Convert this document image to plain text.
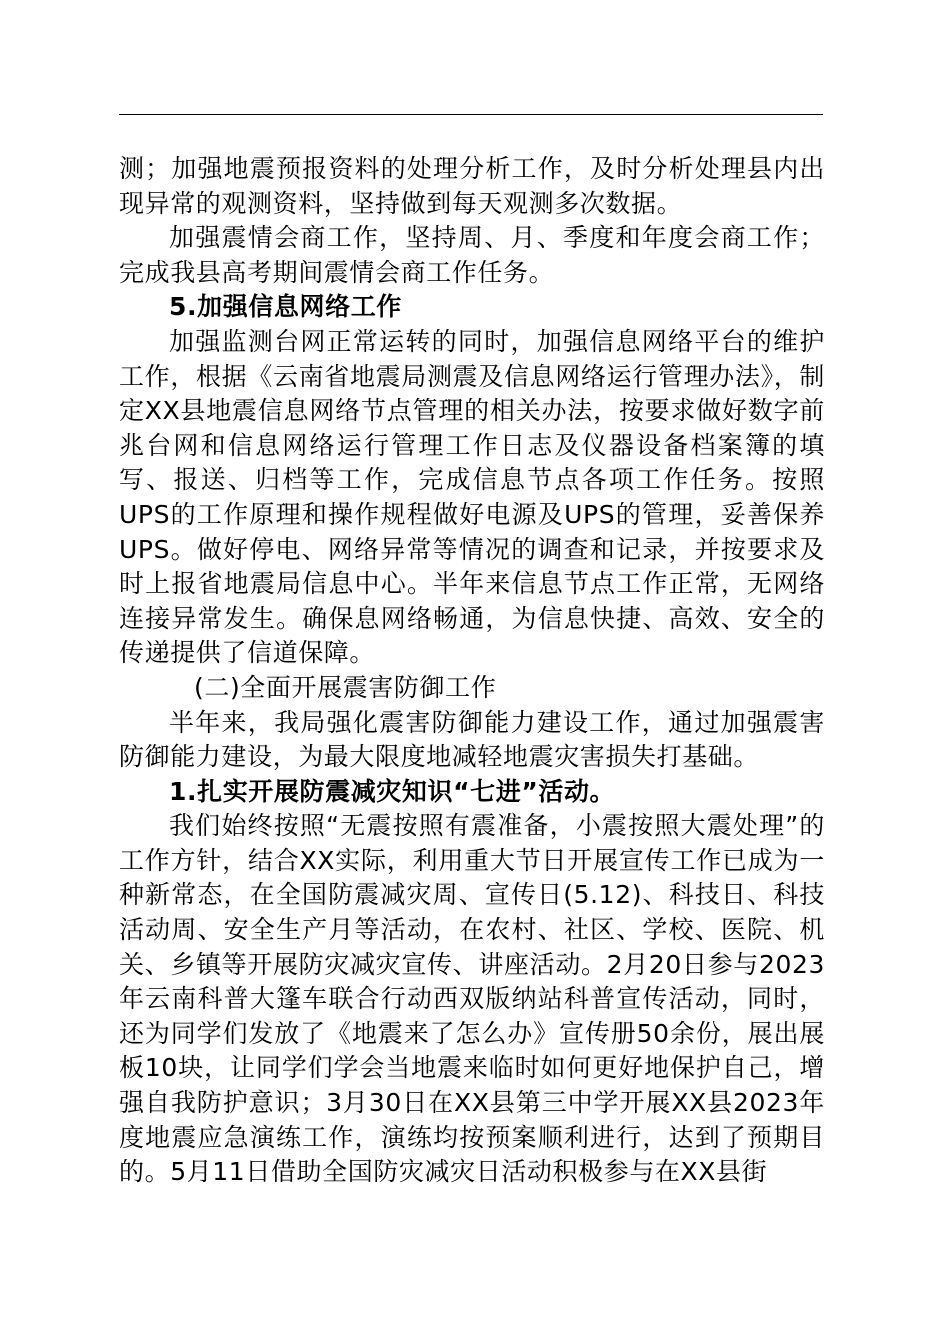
测；加强地震预报资料的处理分析工作，及时分析处理县内出现异常的观测资料，坚持做到每天观测多次数据。

加强震情会商工作，坚持周、月、季度和年度会商工作；完成我县高考期间震情会商工作任务。

5.加强信息网络工作

加强监测台网正常运转的同时，加强信息网络平台的维护工作，根据《云南省地震局测震及信息网络运行管理办法》，制定XX县地震信息网络节点管理的相关办法，按要求做好数字前兆台网和信息网络运行管理工作日志及仪器设备档案簿的填写、报送、归档等工作，完成信息节点各项工作任务。按照UPS的工作原理和操作规程做好电源及UPS的管理，妥善保养UPS。做好停电、网络异常等情况的调查和记录，并按要求及时上报省地震局信息中心。半年来信息节点工作正常，无网络连接异常发生。确保息网络畅通，为信息快捷、高效、安全的传递提供了信道保障。

(二)全面开展震害防御工作

半年来，我局强化震害防御能力建设工作，通过加强震害防御能力建设，为最大限度地减轻地震灾害损失打基础。

1.扎实开展防震减灾知识“七进”活动。

我们始终按照“无震按照有震准备，小震按照大震处理”的工作方针，结合XX实际，利用重大节日开展宣传工作已成为一种新常态，在全国防震减灾周、宣传日(5.12)、科技日、科技活动周、安全生产月等活动，在农村、社区、学校、医院、机关、乡镇等开展防灾减灾宣传、讲座活动。2月20日参与2023年云南科普大篷车联合行动西双版纳站科普宣传活动，同时，还为同学们发放了《地震来了怎么办》宣传册50余份，展出展板10块，让同学们学会当地震来临时如何更好地保护自己，增强自我防护意识；3月30日在XX县第三中学开展XX县2023年度地震应急演练工作，演练均按预案顺利进行，达到了预期目的。5月11日借助全国防灾减灾日活动积极参与在XX县街
